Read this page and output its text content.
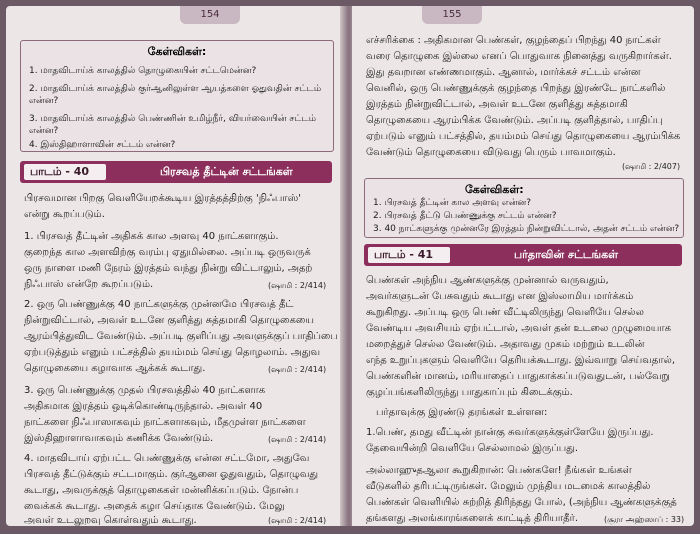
154
கேள்விகள்:
1. மாதவிடாய்க் காலத்தில் தொழுகையின் சட்டமென்ன?
2. மாதவிடாய்க் காலத்தில் குர்ஆனிலுள்ள ஆயத்களை ஓதுவதின் சட்டம்
என்ன?
3. மாதவிடாய்க் காலத்தில் பெண்ணின் உமிழ்நீர், வியர்வையின் சட்டம்
என்ன?
4. இஸ்திஹாளாவின் சட்டம் என்ன?
பாடம் - 40	பிரசவத் தீட்டின் சட்டங்கள்
பிரசவமான பிறகு வெளியேறக்கூடிய இரத்தத்திற்கு 'நிஃபாஸ்'
என்று கூறப்படும்.
1. பிரசவத் தீட்டின் அதிகக் கால அளவு 40 நாட்களாகும்.
குறைந்த கால அளவிற்கு வரம்பு ஏதுமில்லை. அப்படி ஒருவருக்
ஒரு நாளை மணி நேரம் இரத்தம் வந்து நின்று விட்டாலும், அதற்
நிஃபாஸ் என்றே கூறப்படும்.	(ஷாமி : 2/414)
2. ஒரு பெண்ணுக்கு 40 நாட்களுக்கு முன்னமே பிரசவத் தீட்
நின்றுவிட்டால், அவள் உடனே குளித்து சுத்தமாகி தொழுகையை
ஆரம்பித்துவிட வேண்டும். அப்படி குளிப்பது அவளுக்குப் பாதிப்பை
ஏற்படுத்தும் எனும் பட்சத்தில் தயம்மம் செய்து தொழலாம். அதுவ
தொழுகையை கழாவாக ஆக்கக் கூடாது.	(ஷாமி : 2/414)
3. ஒரு பெண்ணுக்கு முதல் பிரசவத்தில் 40 நாட்களாக
அதிகமாக இரத்தம் ஒடிக்கொண்டிருந்தால். அவள் 40
நாட்களை நிஃபாஸாகவும் நாட்களாகவும், மீதமுள்ள நாட்களை
இஸ்திஹாளாவாகவும் கணிக்க வேண்டும்.	(ஷாமி : 2/414)
4. மாதவிடாய் ஏற்பட்ட பெண்ணுக்கு என்ன சட்டமோ, அதுவே
பிரசவத் தீட்டுக்கும் சட்டமாகும். குர்ஆனை ஓதுவதும், தொழுவது
கூடாது, அவருக்குத் தொழுகைகள் மன்னிக்கப்படும். நோன்ப
வைக்கக் கூடாது. அதைக் கழா செய்தாக வேண்டும். மேலு
அவள் உடலுறவு கொள்வதும் கூடாது.	(ஷாமி : 2/414)
155
எச்சரிக்கை : அதிகமான பெண்கள், குழந்தைப் பிறந்து 40 நாட்கள்
வரை தொழுகை இல்லை எனப் பொதுவாக நினைத்து வருகிறார்கள்.
இது தவறான எண்ணமாகும். ஆனால், மார்க்கச் சட்டம் என்ன
வெனில், ஒரு பெண்ணுக்குக் குழந்தை பிறந்து இரண்டே நாட்களில்
இரத்தம் நின்றுவிட்டால், அவள் உடனே குளித்து சுத்தமாகி
தொழுகையை ஆரம்பிக்க வேண்டும். அப்படி குளித்தால், பாதிப்பு
ஏற்படும் எனும் பட்சத்தில், தயம்மம் செய்து தொழுகையை ஆரம்பிக்க
வேண்டும் தொழுகையை விடுவது பெரும் பாவமாகும்.
(ஷாமி : 2/407)
கேள்விகள்:
1. பிரசவத் தீட்டின் கால அளவு என்ன?
2. பிரசவத் தீட்டு பெண்ணுக்கு சட்டம் என்ன?
3. 40 நாட்களுக்கு முன்னரே இரத்தம் நின்றுவிட்டால், அதன் சட்டம் என்ன?
பாடம் - 41	பர்தாவின் சட்டங்கள்
பெண்கள் அந்நிய ஆண்களுக்கு முன்னால் வருவதும்,
அவர்களுடன் பேசுவதும் கூடாது என இஸ்லாமிய மார்க்கம்
கூறுகிறது. அப்படி ஒரு பெண் வீட்டிலிருந்து வெளியே செல்ல
வேண்டிய அவசியம் ஏற்பட்டால், அவள் தன் உடலை முழுமையாக
மறைத்துச் செல்ல வேண்டும். அதாவது முகம் மற்றும் உடலின்
எந்த உறுப்புகளும் வெளியே தெரியக்கூடாது. இவ்வாறு செய்வதால்,
பெண்களின் மானம், மரியாதைப் பாதுகாக்கப்படுவதுடன், பல்வேறு
குழப்பங்களிலிருந்து பாதுகாப்பும் கிடைக்கும்.
பர்தாவுக்கு இரண்டு தரங்கள் உள்ளன:
1.பெண், தமது வீட்டின் நான்கு சுவர்களுக்குள்ளேயே இருப்பது.
தேவையின்றி வெளியே செல்லாமல் இருப்பது.
அல்லாஹுதஆலா கூறுகிறான்: பெண்களே! நீங்கள் உங்கள்
வீடுகளில் தரிபட்டிருங்கள். மேலும் முந்திய மடமைக் காலத்தில்
பெண்கள் வெளியில் சுற்றித் திரிந்தது போல், (அந்நிய ஆண்களுக்குத்
தங்களது அலங்காரங்களைக் காட்டித் திரியாதீர்.	(சூரா அஹ்ஸாப் : 33)
